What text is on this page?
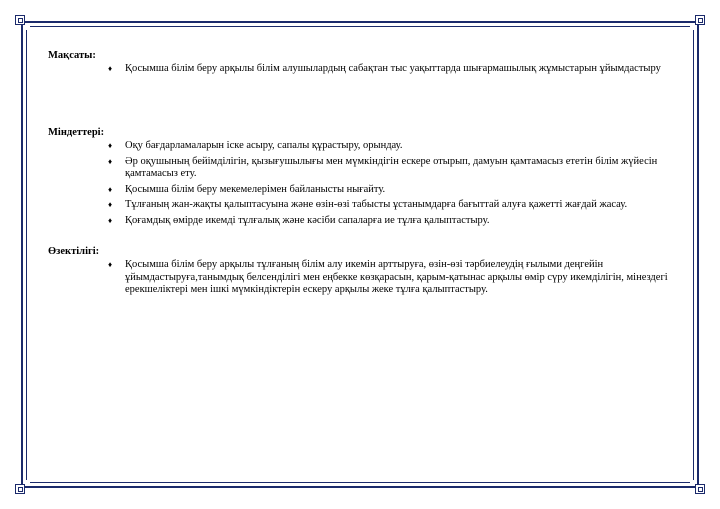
Мақсаты:
♦ Қосымша білім беру арқылы білім алушылардың сабақтан тыс уақыттарда шығармашылық жұмыстарын ұйымдастыру
Міндеттері:
♦ Оқу бағдарламаларын іске асыру, сапалы құрастыру, орындау.
♦ Әр оқушының бейімділігін, қызығушылығы мен мүмкіндігін ескере отырып, дамуын қамтамасыз ететін білім жүйесін қамтамасыз ету.
♦ Қосымша білім беру мекемелерімен байланысты нығайту.
♦ Тұлғаның жан-жақты қалыптасуына және өзін-өзі табысты ұстанымдарға бағыттай алуға қажетті жағдай жасау.
♦ Қоғамдық өмірде икемді тұлғалық және кәсіби сапаларға ие тұлға қалыптастыру.
Өзектілігі:
♦ Қосымша білім беру арқылы тұлғаның білім алу икемін арттыруға, өзін-өзі тәрбиелеудің ғылыми деңгейін ұйымдастыруға,танымдық белсенділігі мен еңбекке көзқарасын, қарым-қатынас арқылы өмір сүру икемділігін, мінездегі ерекшеліктері мен ішкі мүмкіндіктерін ескеру арқылы жеке тұлға қалыптастыру.
